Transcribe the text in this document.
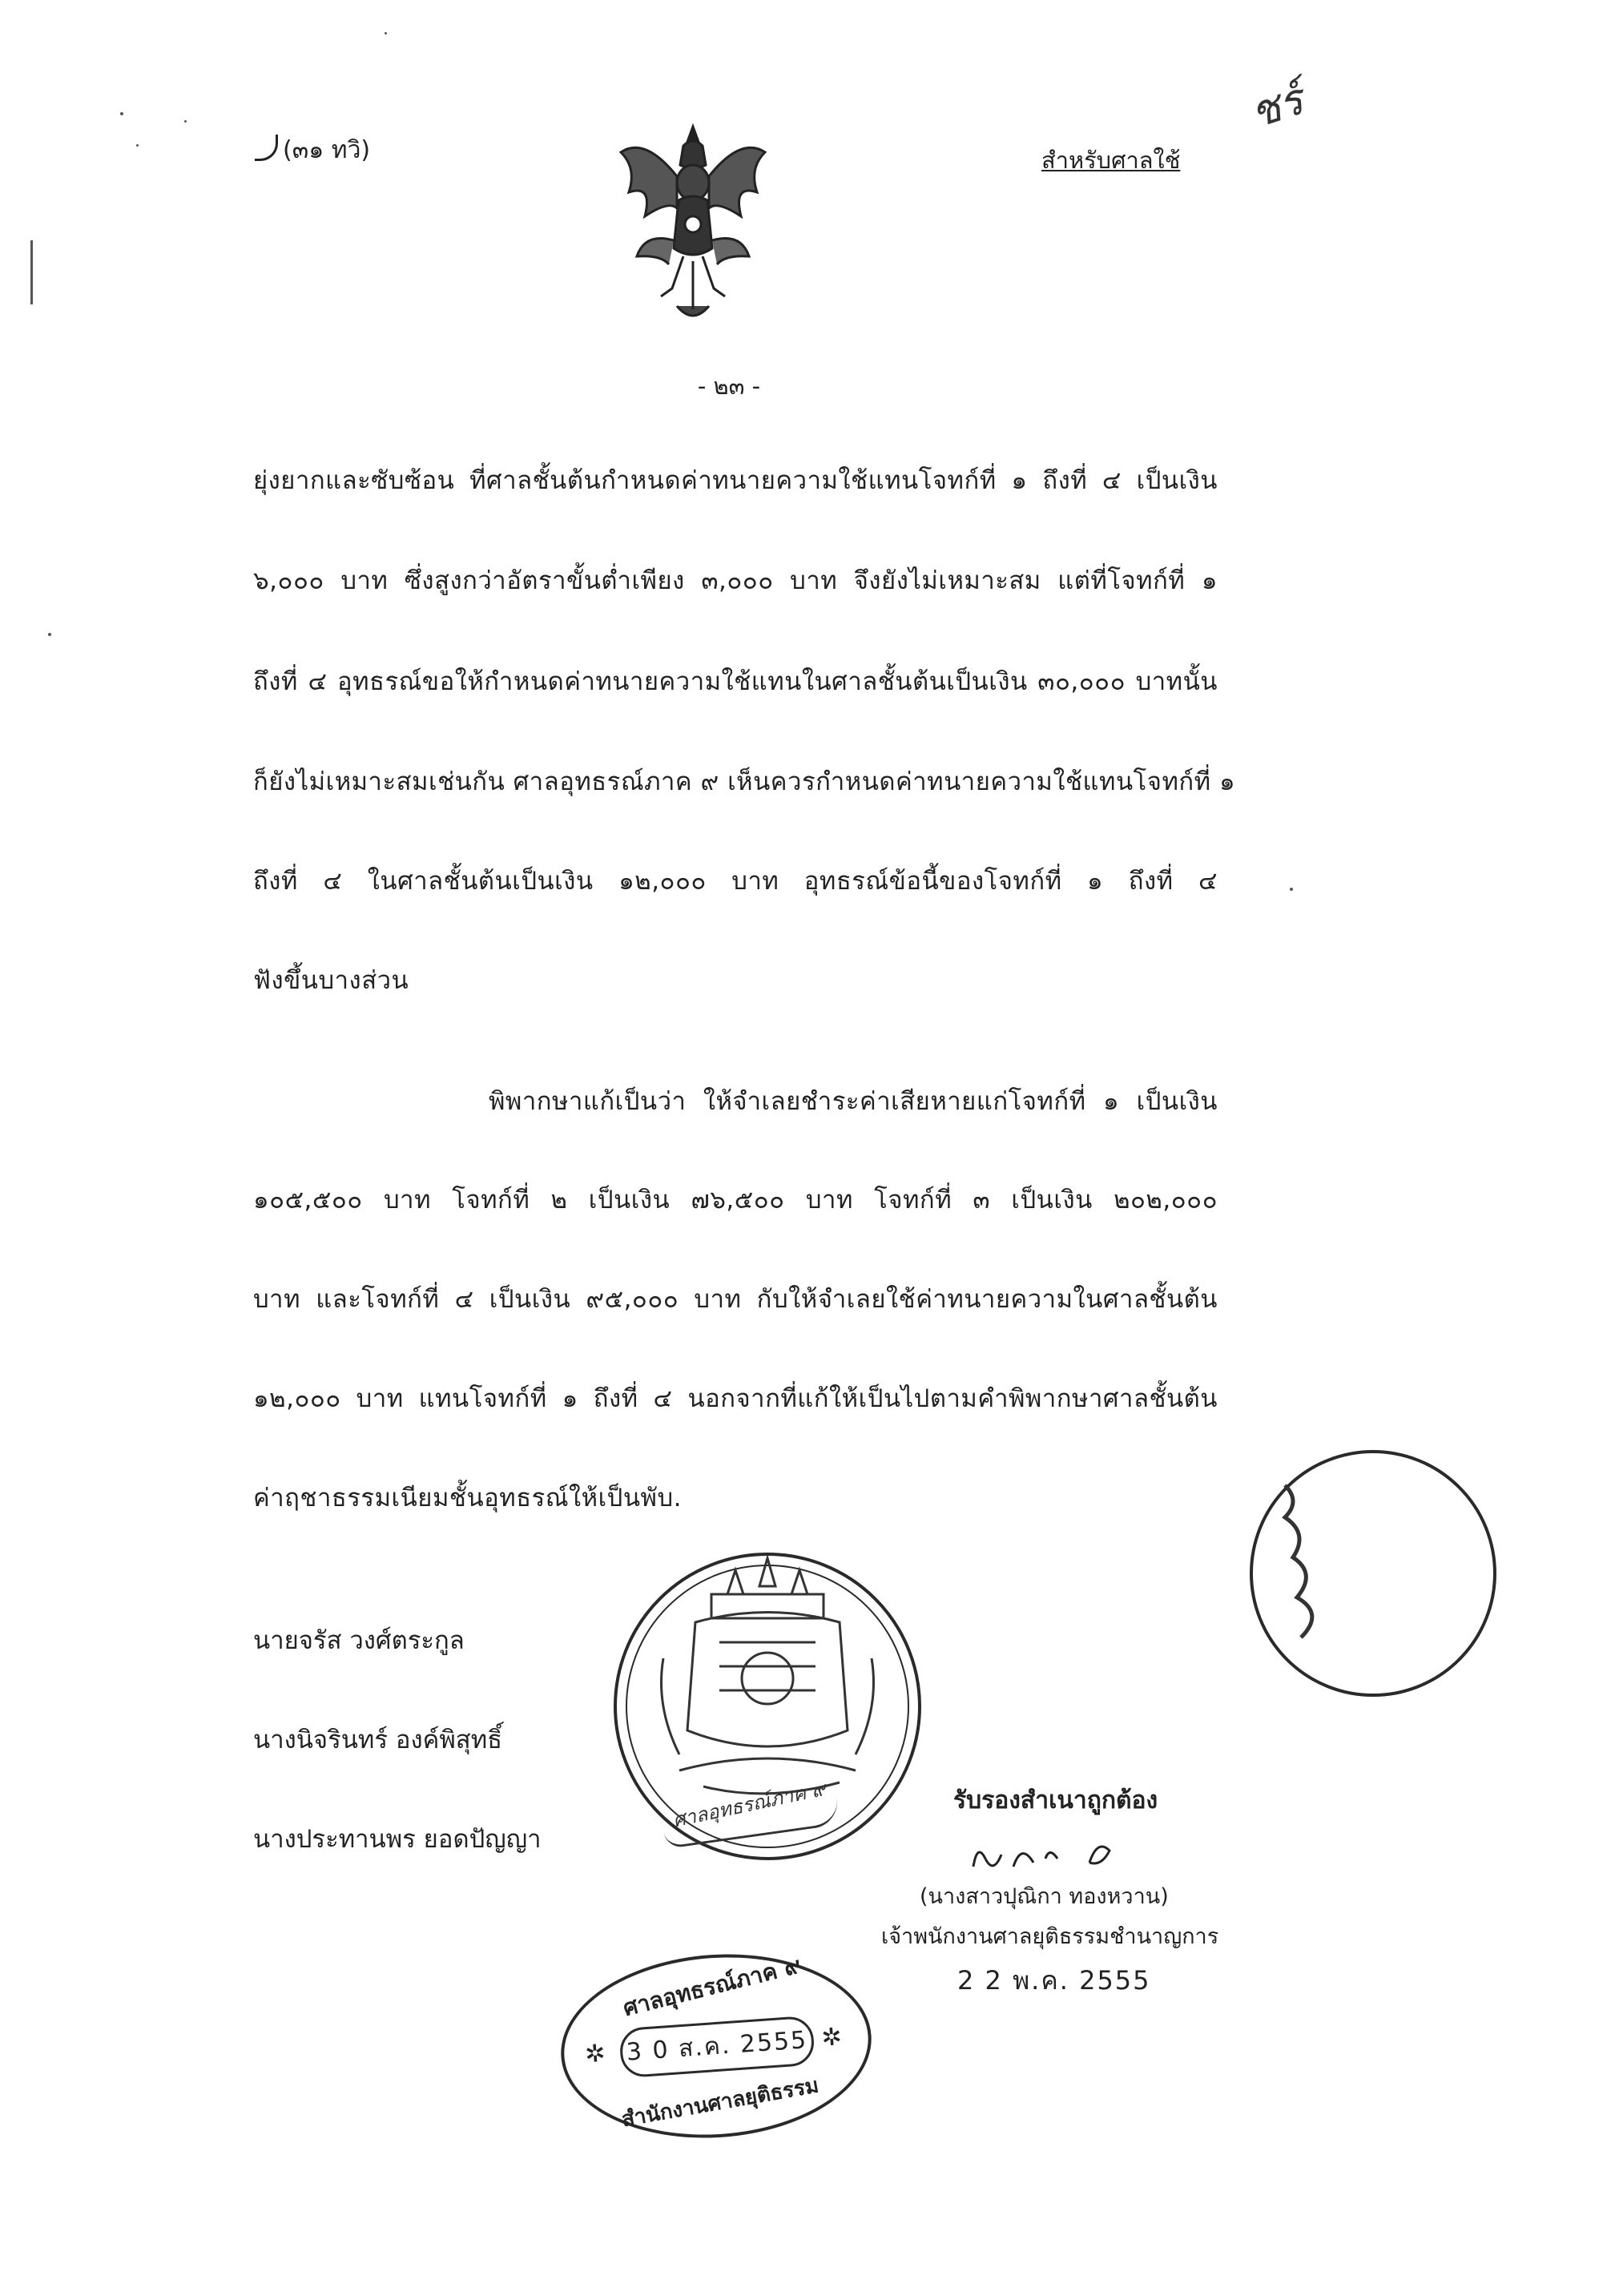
(๓๑ ทวิ)	สำหรับศาลใช้
ชร์
- ๒๓ -
ยุ่งยากและซับซ้อน ที่ศาลชั้นต้นกำหนดค่าทนายความใช้แทนโจทก์ที่ ๑ ถึงที่ ๔ เป็นเงิน
๖,๐๐๐ บาท ซึ่งสูงกว่าอัตราขั้นต่ำเพียง ๓,๐๐๐ บาท จึงยังไม่เหมาะสม แต่ที่โจทก์ที่ ๑
ถึงที่ ๔ อุทธรณ์ขอให้กำหนดค่าทนายความใช้แทนในศาลชั้นต้นเป็นเงิน ๓๐,๐๐๐ บาทนั้น
ก็ยังไม่เหมาะสมเช่นกัน ศาลอุทธรณ์ภาค ๙ เห็นควรกำหนดค่าทนายความใช้แทนโจทก์ที่ ๑
ถึงที่ ๔ ในศาลชั้นต้นเป็นเงิน ๑๒,๐๐๐ บาท อุทธรณ์ข้อนี้ของโจทก์ที่ ๑ ถึงที่ ๔
ฟังขึ้นบางส่วน
พิพากษาแก้เป็นว่า ให้จำเลยชำระค่าเสียหายแก่โจทก์ที่ ๑ เป็นเงิน
๑๐๕,๕๐๐ บาท โจทก์ที่ ๒ เป็นเงิน ๗๖,๕๐๐ บาท โจทก์ที่ ๓ เป็นเงิน ๒๐๒,๐๐๐
บาท และโจทก์ที่ ๔ เป็นเงิน ๙๕,๐๐๐ บาท กับให้จำเลยใช้ค่าทนายความในศาลชั้นต้น
๑๒,๐๐๐ บาท แทนโจทก์ที่ ๑ ถึงที่ ๔ นอกจากที่แก้ให้เป็นไปตามคำพิพากษาศาลชั้นต้น
ค่าฤชาธรรมเนียมชั้นอุทธรณ์ให้เป็นพับ.
นายจรัส วงศ์ตระกูล
นางนิจรินทร์ องค์พิสุทธิ์
นางประทานพร ยอดปัญญา
ศาลอุทธรณ์ภาค ๙	รับรองสำเนาถูกต้อง
(นางสาวปุณิกา ทองหวาน)
เจ้าพนักงานศาลยุติธรรมชำนาญการ
2 2 พ.ค. 2555
ศาลอุทธรณ์ภาค ๙
3 0 ส.ค. 2555
✲
✲
สำนักงานศาลยุติธรรม
